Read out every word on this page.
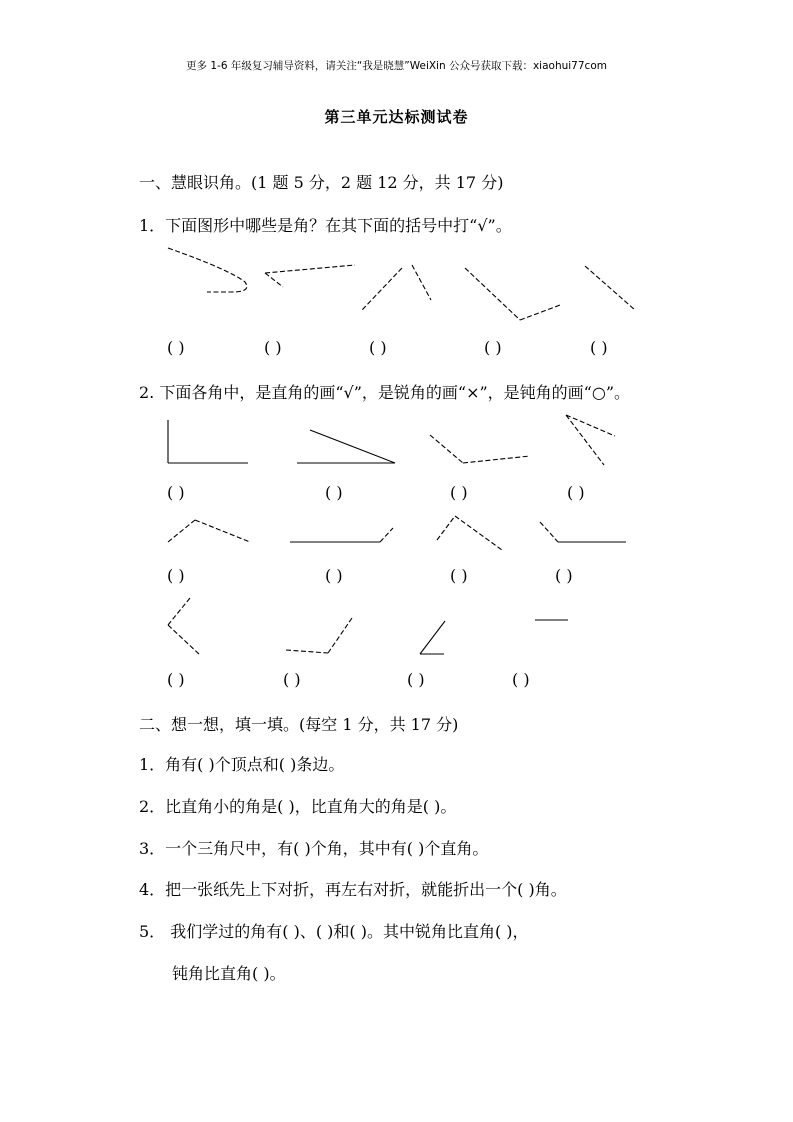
更多 1-6 年级复习辅导资料，请关注“我是晓慧”WeiXin 公众号获取下载：xiaohui77com
第三单元达标测试卷
一、慧眼识角。(1 题 5 分，2 题 12 分，共 17 分)
1．下面图形中哪些是角？在其下面的括号中打“√”。
( )	( )	( )	( )	( )
2. 下面各角中，是直角的画“√”，是锐角的画“×”，是钝角的画“○”。
( )	( )	( )	( )
( )	( )	( )	( )
( )	( )	( )	( )
二、想一想，填一填。(每空 1 分，共 17 分)
1．角有( )个顶点和( )条边。
2．比直角小的角是( )，比直角大的角是( )。
3．一个三角尺中，有( )个角，其中有( )个直角。
4．把一张纸先上下对折，再左右对折，就能折出一个( )角。
5． 我们学过的角有( )、( )和( )。其中锐角比直角( )，
钝角比直角( )。
